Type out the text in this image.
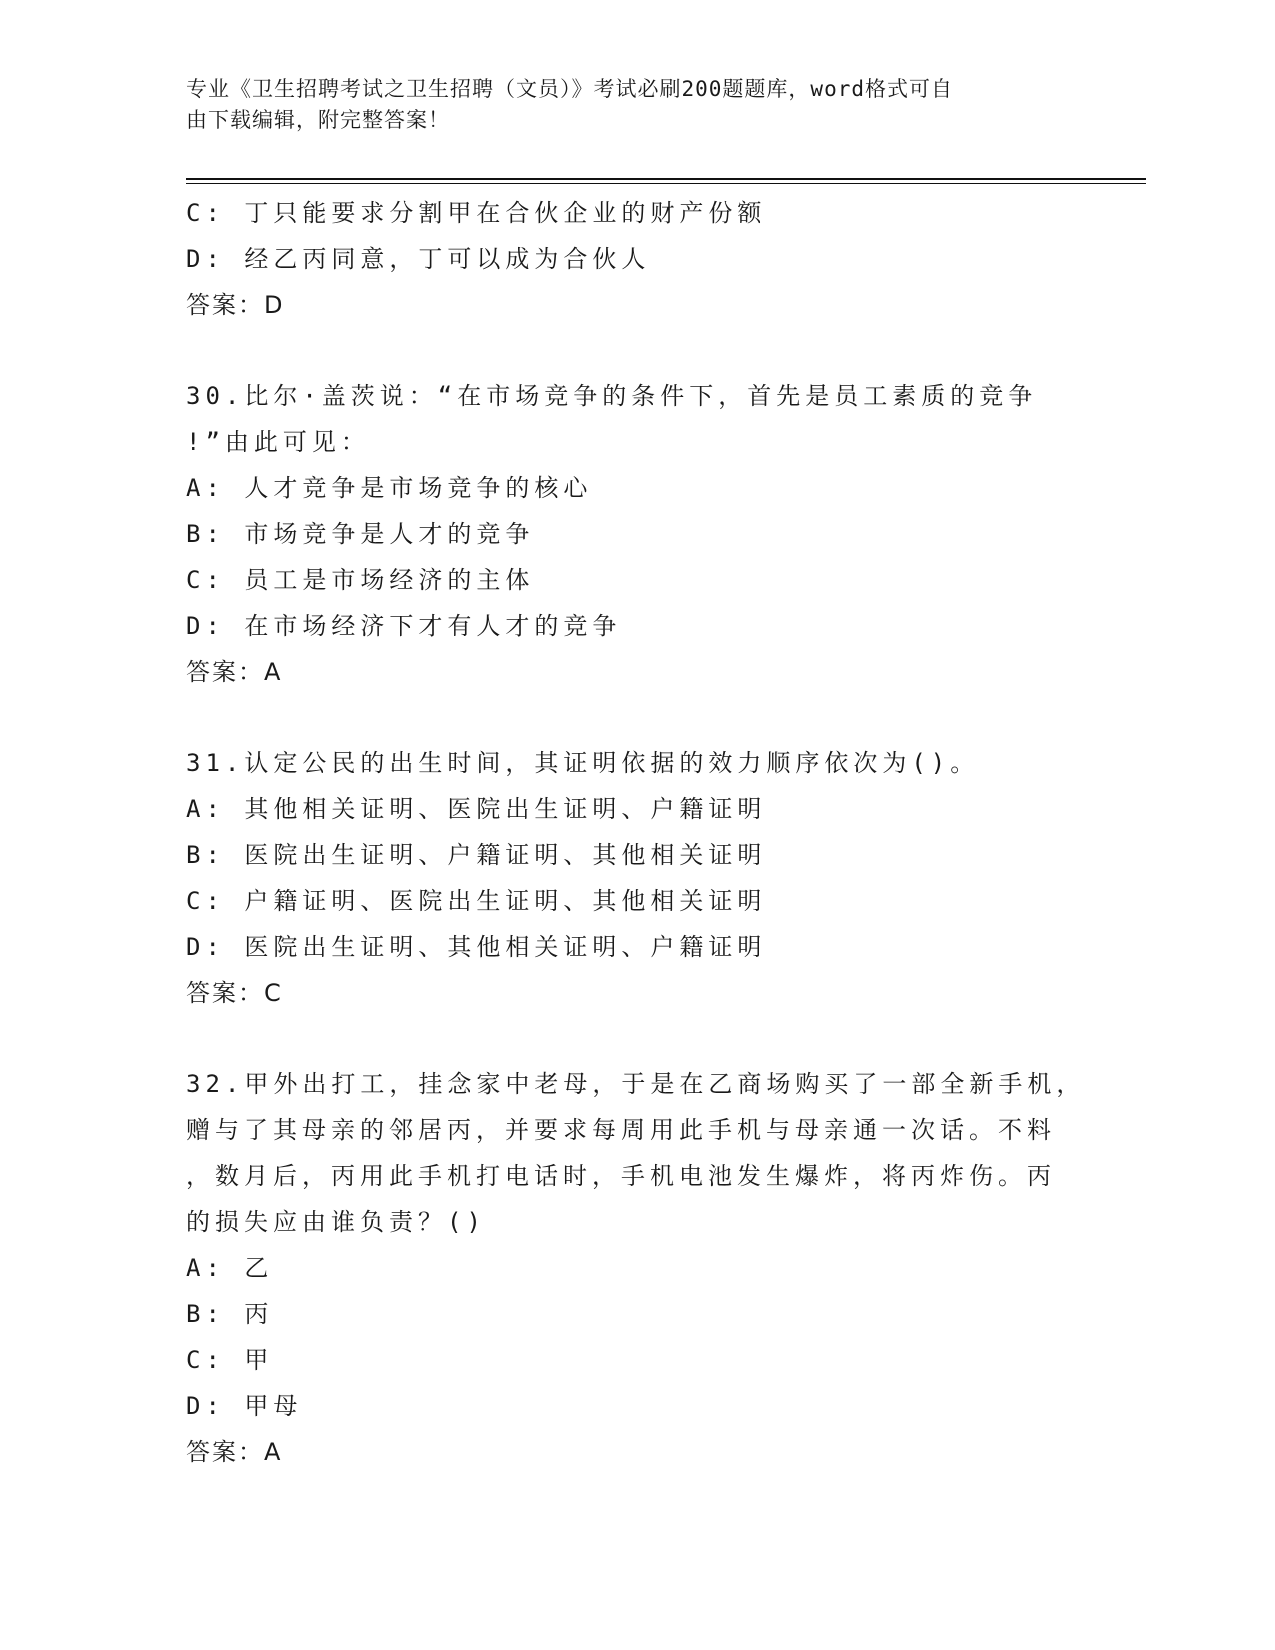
专业《卫生招聘考试之卫生招聘（文员）》考试必刷200题题库，word格式可自
由下载编辑，附完整答案！
C: 丁只能要求分割甲在合伙企业的财产份额
D: 经乙丙同意，丁可以成为合伙人
答案：D
30.比尔·盖茨说：“在市场竞争的条件下，首先是员工素质的竞争
!”由此可见：
A: 人才竞争是市场竞争的核心
B: 市场竞争是人才的竞争
C: 员工是市场经济的主体
D: 在市场经济下才有人才的竞争
答案：A
31.认定公民的出生时间，其证明依据的效力顺序依次为()。
A: 其他相关证明、医院出生证明、户籍证明
B: 医院出生证明、户籍证明、其他相关证明
C: 户籍证明、医院出生证明、其他相关证明
D: 医院出生证明、其他相关证明、户籍证明
答案：C
32.甲外出打工，挂念家中老母，于是在乙商场购买了一部全新手机，
赠与了其母亲的邻居丙，并要求每周用此手机与母亲通一次话。不料
，数月后，丙用此手机打电话时，手机电池发生爆炸，将丙炸伤。丙
的损失应由谁负责？()
A: 乙
B: 丙
C: 甲
D: 甲母
答案：A
